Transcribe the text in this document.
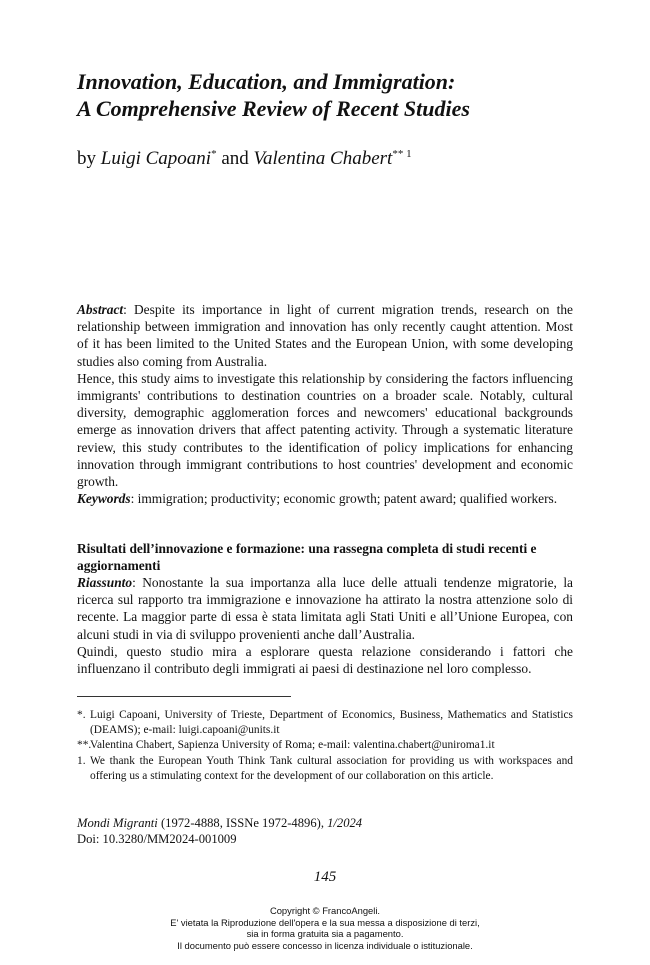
Innovation, Education, and Immigration:
A Comprehensive Review of Recent Studies
by Luigi Capoani* and Valentina Chabert$^{** 1}$

Abstract: Despite its importance in light of current migration trends, research on the relationship between immigration and innovation has only recently caught attention. Most of it has been limited to the United States and the European Union, with some developing studies also coming from Australia.

Hence, this study aims to investigate this relationship by considering the factors influencing immigrants' contributions to destination countries on a broader scale. Notably, cultural diversity, demographic agglomeration forces and newcomers' educational backgrounds emerge as innovation drivers that affect patenting activity. Through a systematic literature review, this study contributes to the identification of policy implications for enhancing innovation through immigrant contributions to host countries' development and economic growth.

Keywords: immigration; productivity; economic growth; patent award; qualified workers.

Risultati dell’innovazione e formazione: una rassegna completa di studi recenti e aggiornamenti

Riassunto: Nonostante la sua importanza alla luce delle attuali tendenze migratorie, la ricerca sul rapporto tra immigrazione e innovazione ha attirato la nostra attenzione solo di recente. La maggior parte di essa è stata limitata agli Stati Uniti e all’Unione Europea, con alcuni studi in via di sviluppo provenienti anche dall’Australia.

Quindi, questo studio mira a esplorare questa relazione considerando i fattori che influenzano il contributo degli immigrati ai paesi di destinazione nel loro complesso.

*. Luigi Capoani, University of Trieste, Department of Economics, Business, Mathematics and Statistics (DEAMS); e-mail: luigi.capoani@units.it
**.
Valentina Chabert, Sapienza University of Roma; e-mail: valentina.chabert@uniroma1.it
1. We thank the European Youth Think Tank cultural association for providing us with workspaces and offering us a stimulating context for the development of our collaboration on this article.
Mondi Migranti (1972-4888, ISSNe 1972-4896), 1/2024
Doi: 10.3280/MM2024-001009
145
Copyright © FrancoAngeli.
E' vietata la Riproduzione dell'opera e la sua messa a disposizione di terzi,
sia in forma gratuita sia a pagamento.
Il documento può essere concesso in licenza individuale o istituzionale.
